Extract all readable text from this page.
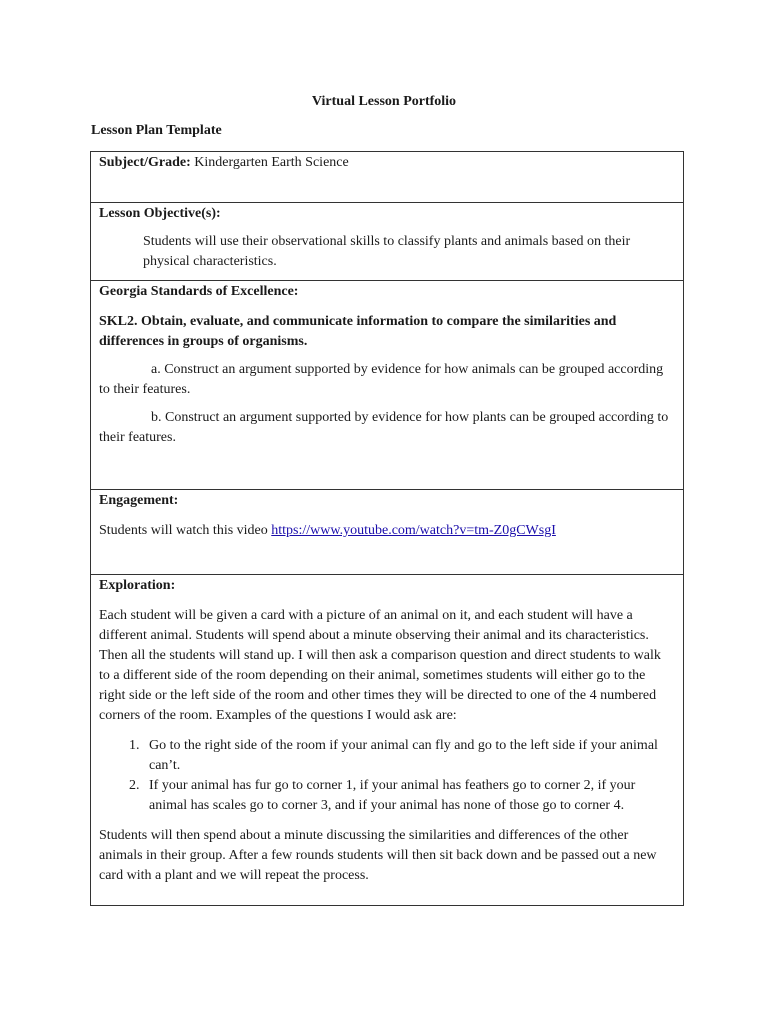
Virtual Lesson Portfolio
Lesson Plan Template

Subject/Grade: Kindergarten Earth Science

Lesson Objective(s):

Students will use their observational skills to classify plants and animals based on their physical characteristics.

Georgia Standards of Excellence:

SKL2. Obtain, evaluate, and communicate information to compare the similarities and differences in groups of organisms.

a. Construct an argument supported by evidence for how animals can be grouped according to their features.

b. Construct an argument supported by evidence for how plants can be grouped according to their features.

Engagement:

Students will watch this video https://www.youtube.com/watch?v=tm-Z0gCWsgI

Exploration:

Each student will be given a card with a picture of an animal on it, and each student will have a different animal. Students will spend about a minute observing their animal and its characteristics. Then all the students will stand up. I will then ask a comparison question and direct students to walk to a different side of the room depending on their animal, sometimes students will either go to the right side or the left side of the room and other times they will be directed to one of the 4 numbered corners of the room. Examples of the questions I would ask are:

1. Go to the right side of the room if your animal can fly and go to the left side if your animal can’t.
2. If your animal has fur go to corner 1, if your animal has feathers go to corner 2, if your animal has scales go to corner 3, and if your animal has none of those go to corner 4.

Students will then spend about a minute discussing the similarities and differences of the other animals in their group. After a few rounds students will then sit back down and be passed out a new card with a plant and we will repeat the process.
